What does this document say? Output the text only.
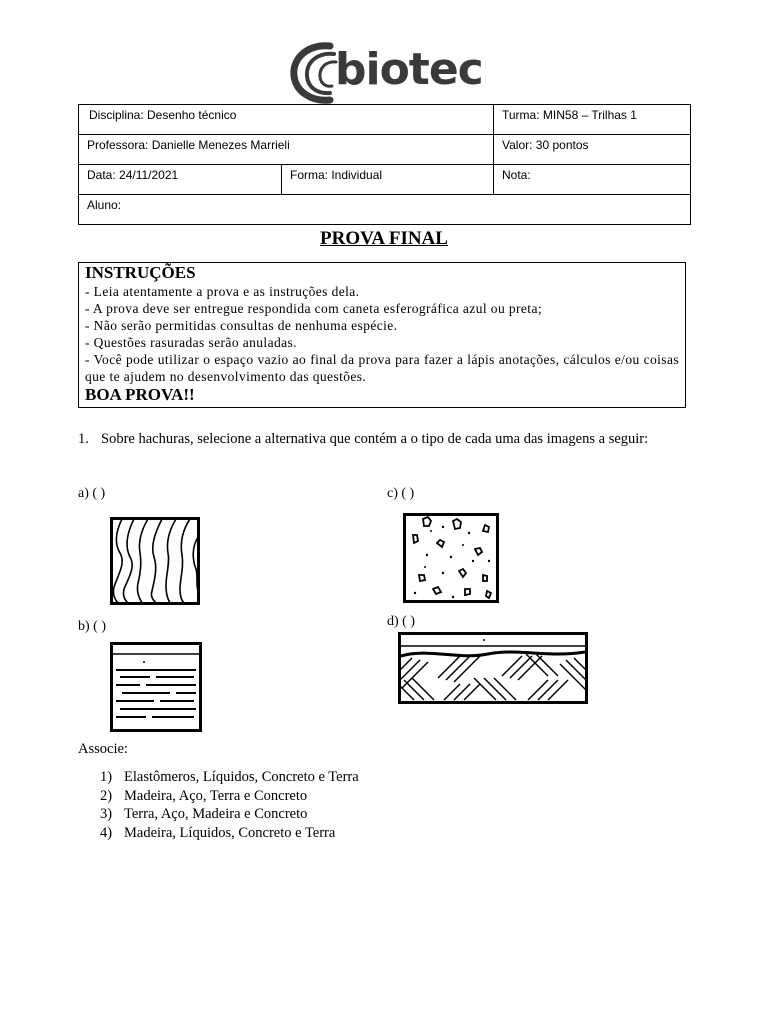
biotec
Disciplina: Desenho técnico		Turma: MIN58 – Trilhas 1
Professora: Danielle Menezes Marrieli		Valor: 30 pontos
Data: 24/11/2021	Forma: Individual	Nota:
Aluno:		
PROVA FINAL
INSTRUÇÕES
- Leia atentamente a prova e as instruções dela.
- A prova deve ser entregue respondida com caneta esferográfica azul ou preta;
- Não serão permitidas consultas de nenhuma espécie.
- Questões rasuradas serão anuladas.
- Você pode utilizar o espaço vazio ao final da prova para fazer a lápis anotações, cálculos e/ou coisas que te ajudem no desenvolvimento das questões.
BOA PROVA!!
1. Sobre hachuras, selecione a alternativa que contém a o tipo de cada uma das imagens a seguir:
a) ( )	c) ( )
b) ( )	d) ( )
Associe:
1) Elastômeros, Líquidos, Concreto e Terra
2) Madeira, Aço, Terra e Concreto
3) Terra, Aço, Madeira e Concreto
4) Madeira, Líquidos, Concreto e Terra
